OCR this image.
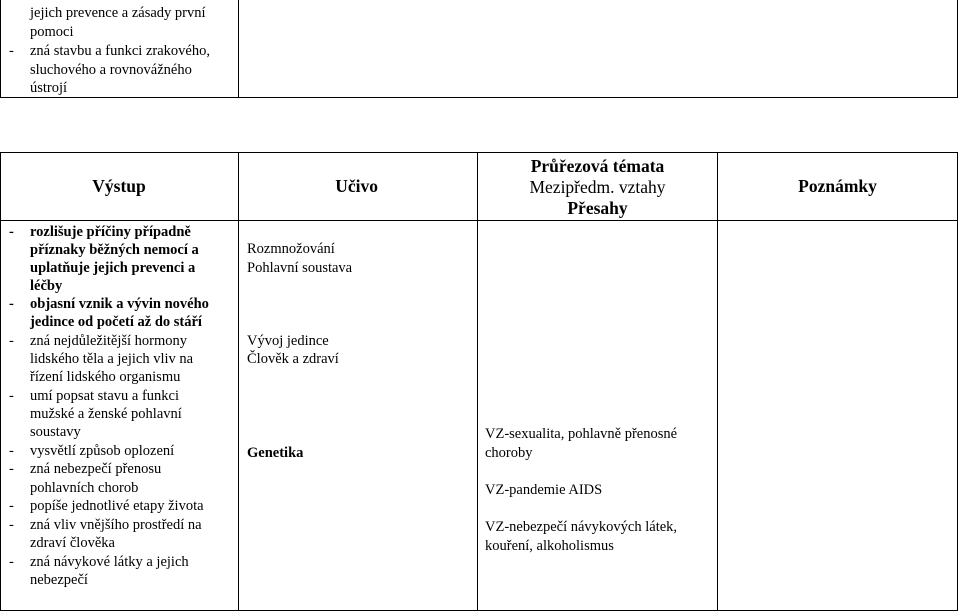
jejich prevence a zásady první
pomoci
- zná stavbu a funkci zrakového,
sluchového a rovnovážného
ústrojí
Výstup	Učivo
Průřezová témata
Mezipředm. vztahy
Přesahy
Poznámky
- rozlišuje příčiny případně
příznaky běžných nemocí a
uplatňuje jejich prevenci a
léčby
- objasní vznik a vývin nového
jedince od početí až do stáří
- zná nejdůležitější hormony
lidského těla a jejich vliv na
řízení lidského organismu
- umí popsat stavu a funkci
mužské a ženské pohlavní
soustavy
- vysvětlí způsob oplození
- zná nebezpečí přenosu
pohlavních chorob
- popíše jednotlivé etapy života
- zná vliv vnějšího prostředí na
zdraví člověka
- zná návykové látky a jejich
nebezpečí
Rozmnožování
Pohlavní soustava
Vývoj jedince
Člověk a zdraví
Genetika
VZ-sexualita, pohlavně přenosné
choroby
VZ-pandemie AIDS
VZ-nebezpečí návykových látek,
kouření, alkoholismus
